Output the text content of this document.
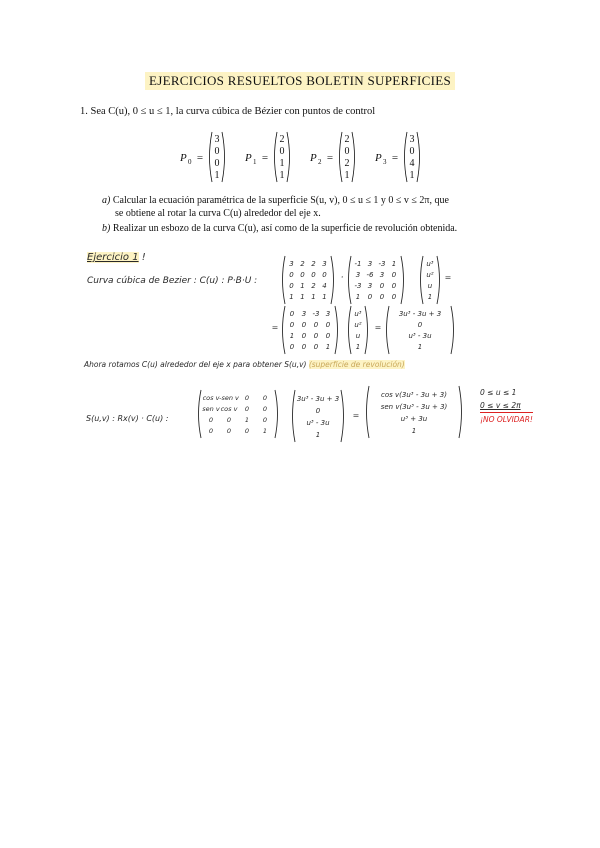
EJERCICIOS RESUELTOS BOLETIN SUPERFICIES
1. Sea C(u), 0 ≤ u ≤ 1, la curva cúbica de Bézier con puntos de control
P 0 =
3
0
0
1
P 1 =
2
0
1
1
P 2 =
2
0
2
1
P 3 =
3
0
4
1
a) Calcular la ecuación paramétrica de la superficie S(u, v), 0 ≤ u ≤ 1 y 0 ≤ v ≤ 2π, que
se obtiene al rotar la curva C(u) alrededor del eje x.
b) Realizar un esbozo de la curva C(u), así como de la superficie de revolución obtenida.
Ejercicio 1 !
Curva cúbica de Bezier : C(u) : P·B·U :
3 2 2 3
0 0 0 0
0 1 2 4
1 1 1 1
·
-1 3 -3 1
3 -6 3 0
-3 3 0 0
1 0 0 0
u³
u²
u
1
=
=
0 3 -3 3
0 0 0 0
1 0 0 0
0 0 0 1
u³
u²
u
1
=
3u³ - 3u + 3
0
u³ - 3u
1
cos v -sen v 0 0
sen v cos v 0 0
0 0 1 0
0 0 0 1
3u³ - 3u + 3
0
u³ - 3u
1
=
cos v(3u³ - 3u + 3)
sen v(3u³ - 3u + 3)
u³ + 3u
1
Ahora rotamos C(u) alrededor del eje x para obtener S(u,v) (superficie de revolución)
S(u,v) : Rx(v) · C(u) :
0 ≤ u ≤ 1
0 ≤ v ≤ 2π
¡NO OLVIDAR!
